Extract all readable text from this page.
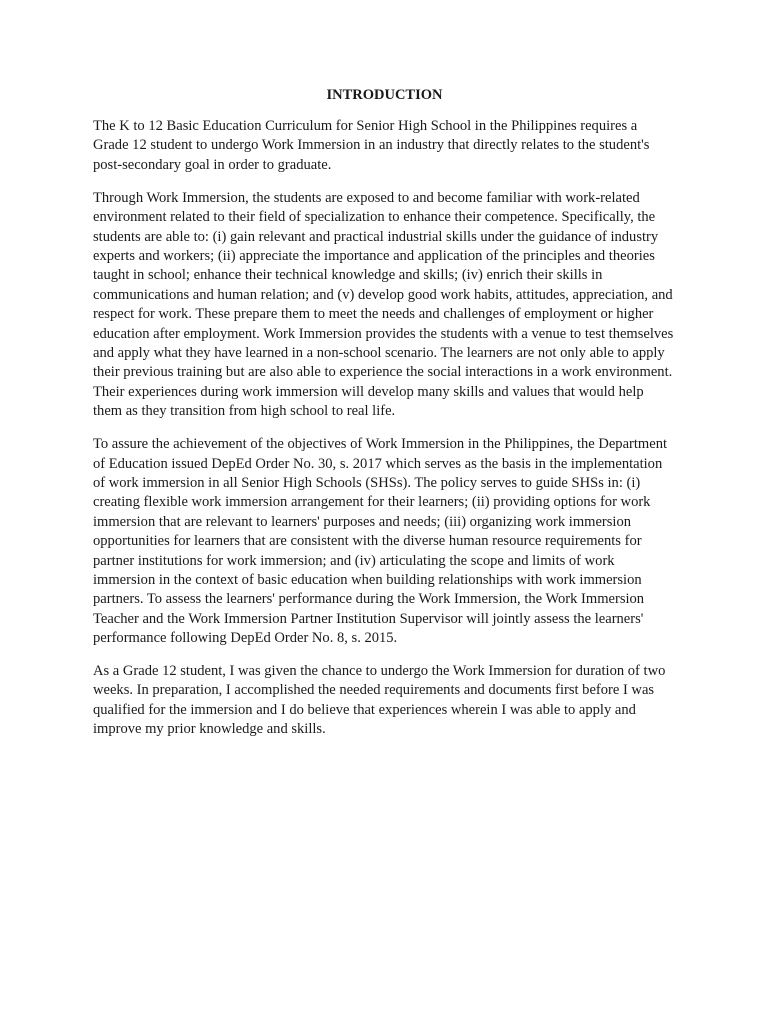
INTRODUCTION

The K to 12 Basic Education Curriculum for Senior High School in the Philippines requires a Grade 12 student to undergo Work Immersion in an industry that directly relates to the student's post-secondary goal in order to graduate.

Through Work Immersion, the students are exposed to and become familiar with work-related environment related to their field of specialization to enhance their competence. Specifically, the students are able to: (i) gain relevant and practical industrial skills under the guidance of industry experts and workers; (ii) appreciate the importance and application of the principles and theories taught in school; enhance their technical knowledge and skills; (iv) enrich their skills in communications and human relation; and (v) develop good work habits, attitudes, appreciation, and respect for work. These prepare them to meet the needs and challenges of employment or higher education after employment. Work Immersion provides the students with a venue to test themselves and apply what they have learned in a non-school scenario. The learners are not only able to apply their previous training but are also able to experience the social interactions in a work environment. Their experiences during work immersion will develop many skills and values that would help them as they transition from high school to real life.

To assure the achievement of the objectives of Work Immersion in the Philippines, the Department of Education issued DepEd Order No. 30, s. 2017 which serves as the basis in the implementation of work immersion in all Senior High Schools (SHSs). The policy serves to guide SHSs in: (i) creating flexible work immersion arrangement for their learners; (ii) providing options for work immersion that are relevant to learners' purposes and needs; (iii) organizing work immersion opportunities for learners that are consistent with the diverse human resource requirements for partner institutions for work immersion; and (iv) articulating the scope and limits of work immersion in the context of basic education when building relationships with work immersion partners. To assess the learners' performance during the Work Immersion, the Work Immersion Teacher and the Work Immersion Partner Institution Supervisor will jointly assess the learners' performance following DepEd Order No. 8, s. 2015.

As a Grade 12 student, I was given the chance to undergo the Work Immersion for duration of two weeks. In preparation, I accomplished the needed requirements and documents first before I was qualified for the immersion and I do believe that experiences wherein I was able to apply and improve my prior knowledge and skills.
